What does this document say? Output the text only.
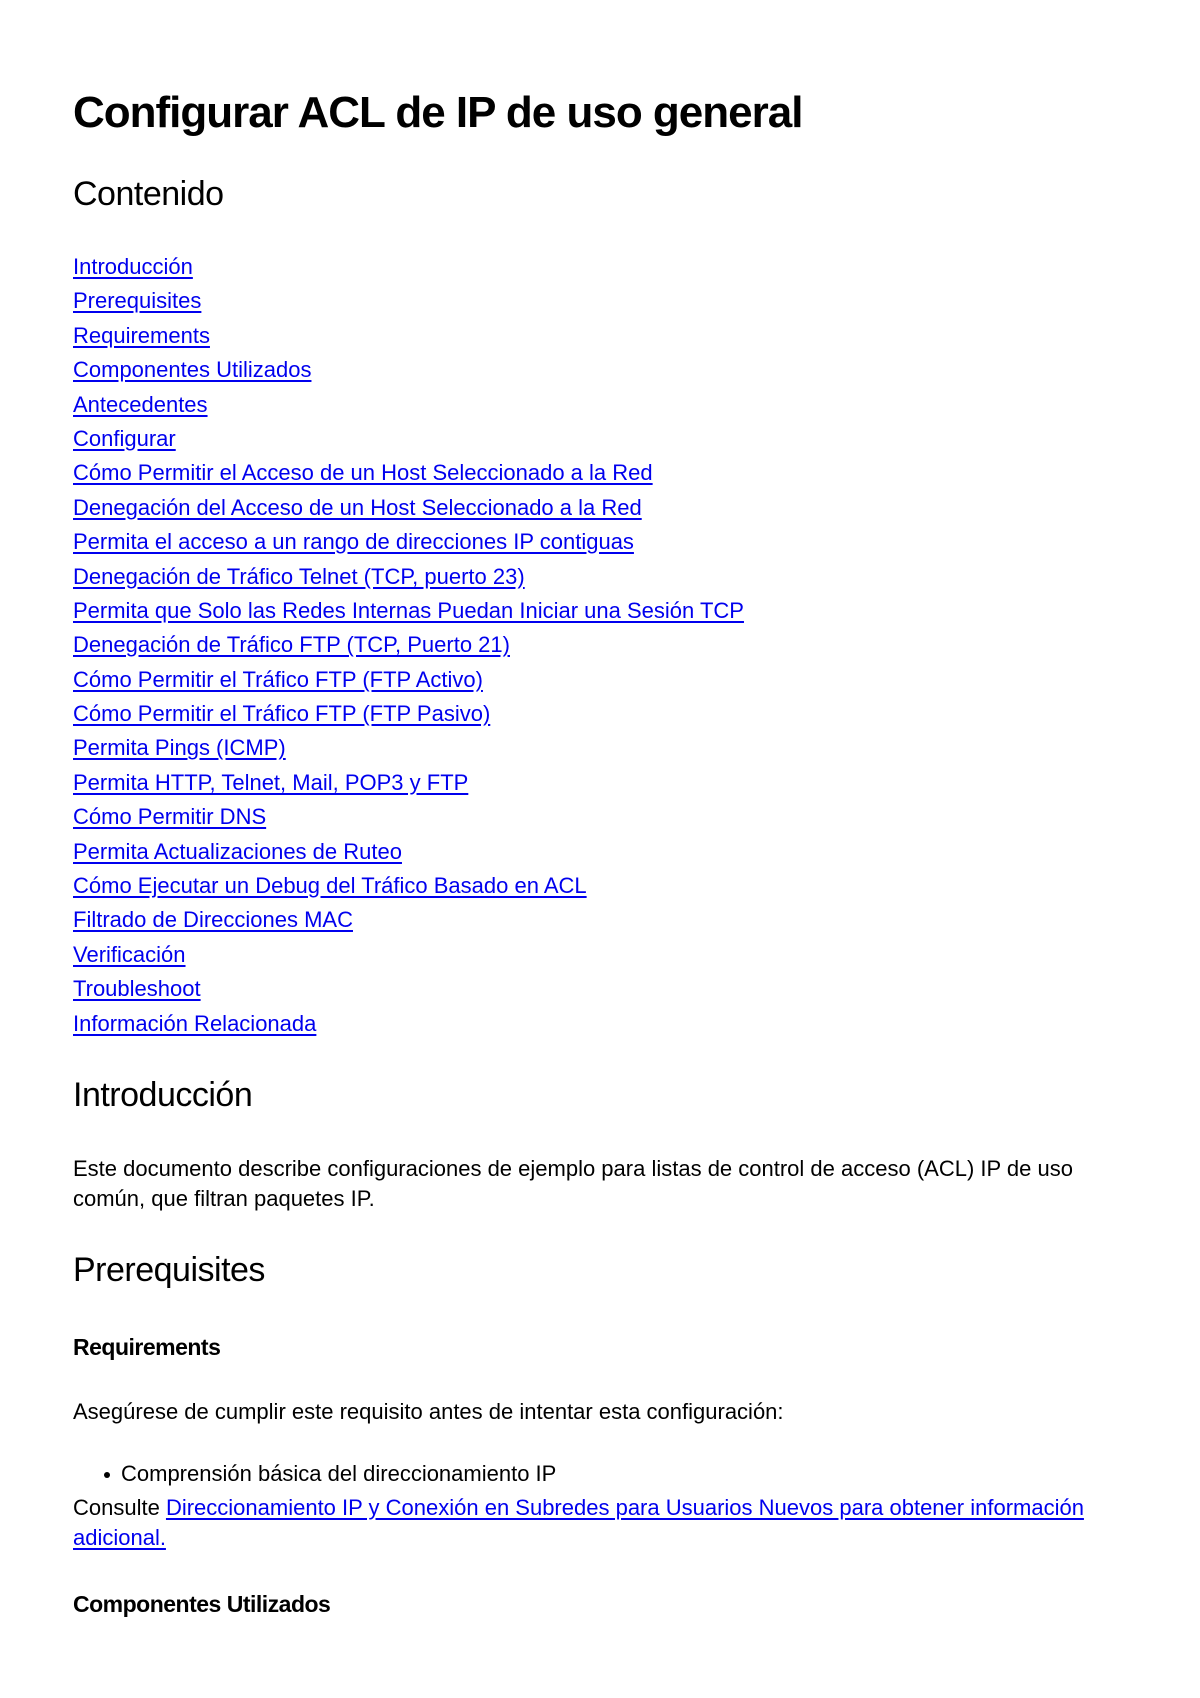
Configurar ACL de IP de uso general
Contenido
Introducción
Prerequisites
Requirements
Componentes Utilizados
Antecedentes
Configurar
Cómo Permitir el Acceso de un Host Seleccionado a la Red
Denegación del Acceso de un Host Seleccionado a la Red
Permita el acceso a un rango de direcciones IP contiguas
Denegación de Tráfico Telnet (TCP, puerto 23)
Permita que Solo las Redes Internas Puedan Iniciar una Sesión TCP
Denegación de Tráfico FTP (TCP, Puerto 21)
Cómo Permitir el Tráfico FTP (FTP Activo)
Cómo Permitir el Tráfico FTP (FTP Pasivo)
Permita Pings (ICMP)
Permita HTTP, Telnet, Mail, POP3 y FTP
Cómo Permitir DNS
Permita Actualizaciones de Ruteo
Cómo Ejecutar un Debug del Tráfico Basado en ACL
Filtrado de Direcciones MAC
Verificación
Troubleshoot
Información Relacionada
Introducción

Este documento describe configuraciones de ejemplo para listas de control de acceso (ACL) IP de uso común, que filtran paquetes IP.

Prerequisites
Requirements

Asegúrese de cumplir este requisito antes de intentar esta configuración:

Comprensión básica del direccionamiento IP

Consulte Direccionamiento IP y Conexión en Subredes para Usuarios Nuevos para obtener información adicional.

Componentes Utilizados
